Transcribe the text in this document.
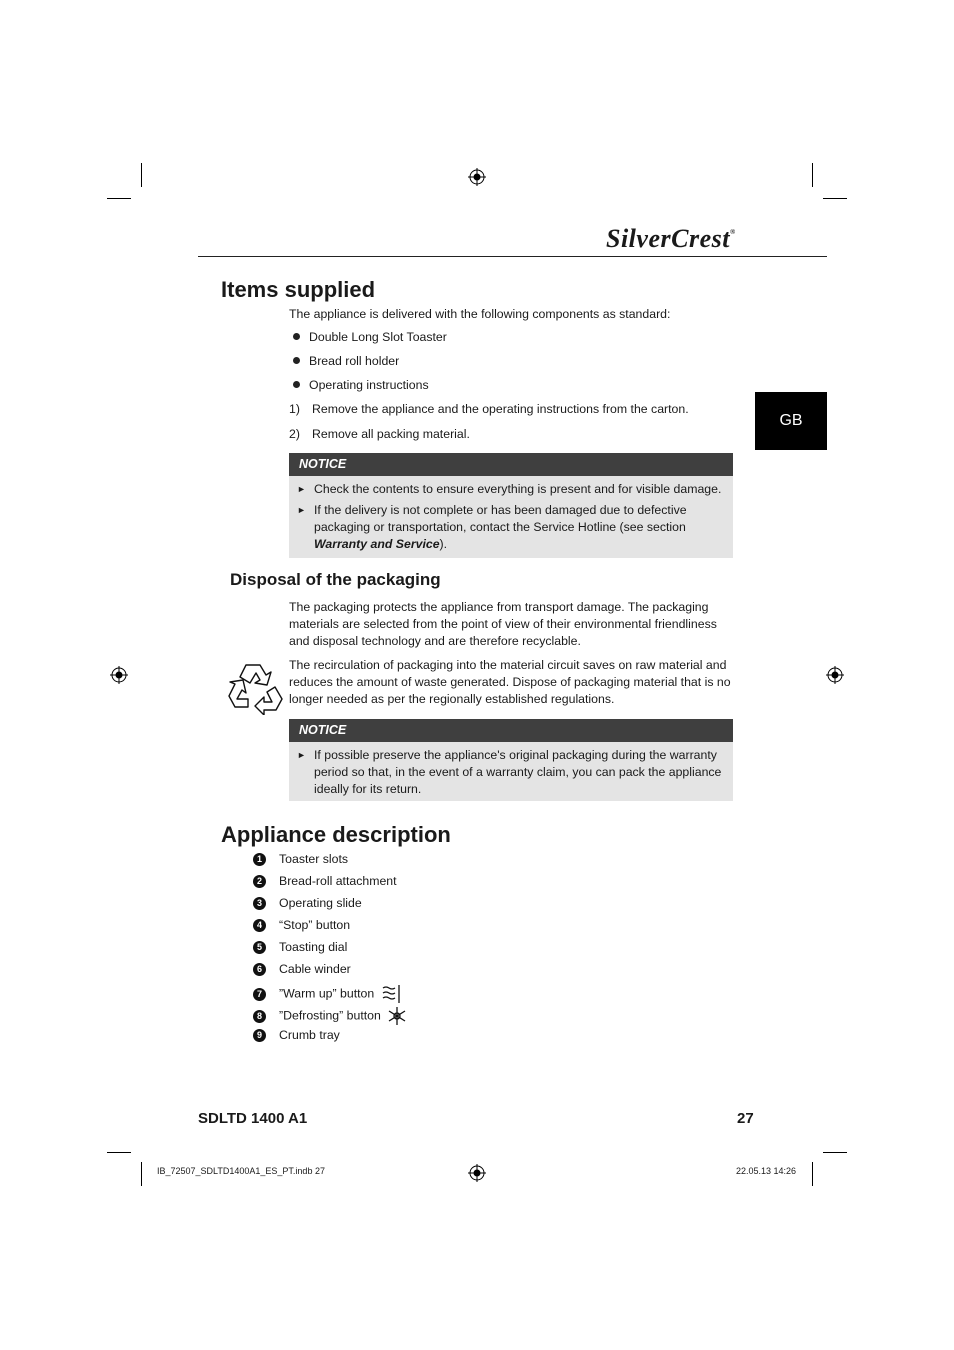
SilverCrest®
GB
Items supplied
The appliance is delivered with the following components as standard:
Double Long Slot Toaster
Bread roll holder
Operating instructions
1) Remove the appliance and the operating instructions from the carton.
2) Remove all packing material.
NOTICE
► Check the contents to ensure everything is present and for visible damage.
► If the delivery is not complete or has been damaged due to defective packaging or transportation, contact the Service Hotline (see section Warranty and Service).
Disposal of the packaging
The packaging protects the appliance from transport damage. The packaging materials are selected from the point of view of their environmental friendliness and disposal technology and are therefore recyclable.
The recirculation of packaging into the material circuit saves on raw material and reduces the amount of waste generated. Dispose of packaging material that is no longer needed as per the regionally established regulations.
NOTICE
► If possible preserve the appliance's original packaging during the warranty period so that, in the event of a warranty claim, you can pack the appliance ideally for its return.
Appliance description
1 Toaster slots
2 Bread-roll attachment
3 Operating slide
4 “Stop” button
5 Toasting dial
6 Cable winder
7 ”Warm up” button
8 ”Defrosting” button
9 Crumb tray
SDLTD 1400 A1	27
IB_72507_SDLTD1400A1_ES_PT.indb 27	22.05.13 14:26
